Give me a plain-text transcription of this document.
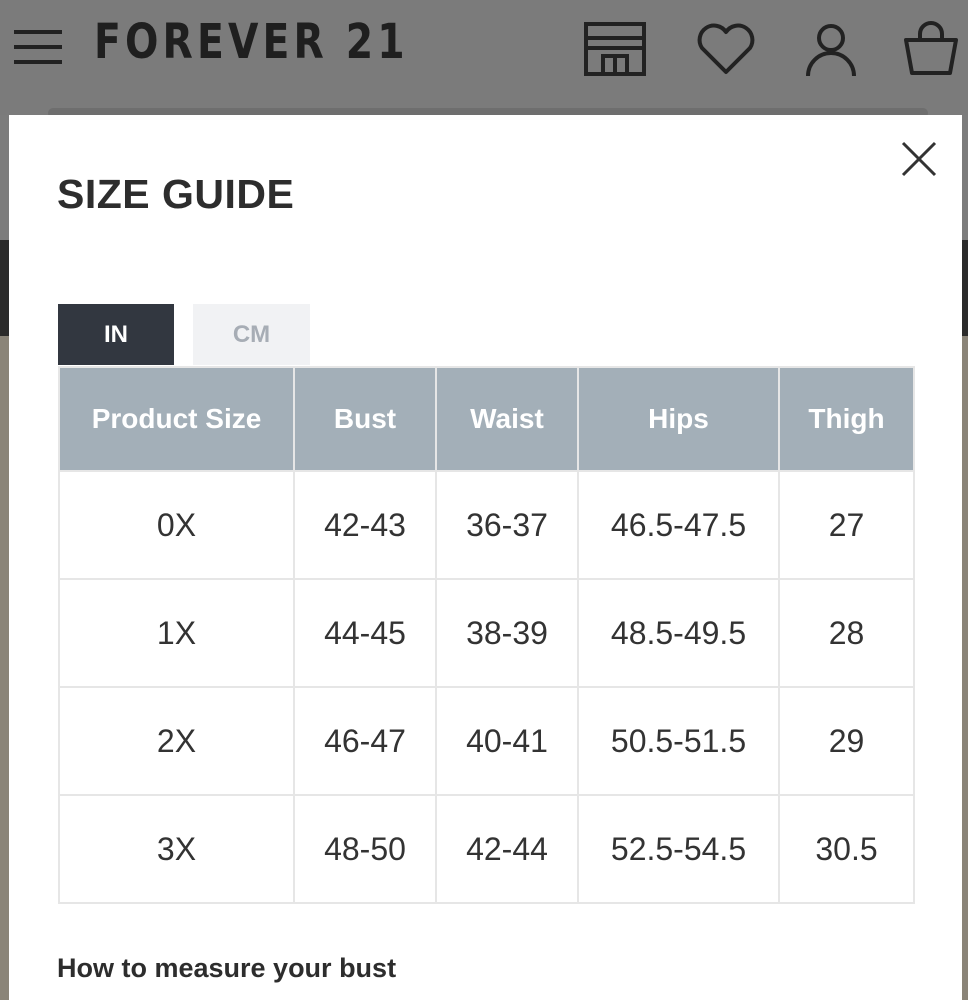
FOREVER 21
SIZE GUIDE
IN	CM
Product Size	Bust	Waist	Hips	Thigh
0X	42-43	36-37	46.5-47.5	27
1X	44-45	38-39	48.5-49.5	28
2X	46-47	40-41	50.5-51.5	29
3X	48-50	42-44	52.5-54.5	30.5
How to measure your bust
